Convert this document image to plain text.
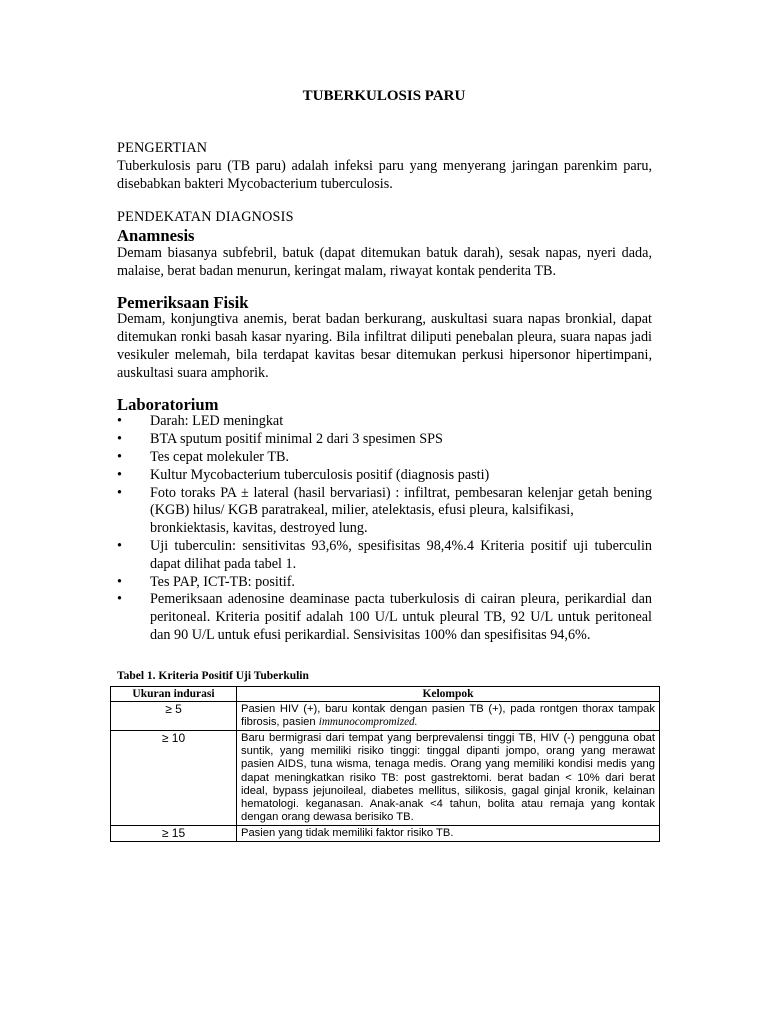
TUBERKULOSIS PARU
PENGERTIAN

Tuberkulosis paru (TB paru) adalah infeksi paru yang menyerang jaringan parenkim paru, disebabkan bakteri Mycobacterium tuberculosis.

PENDEKATAN DIAGNOSIS
Anamnesis

Demam biasanya subfebril, batuk (dapat ditemukan batuk darah), sesak napas, nyeri dada, malaise, berat badan menurun, keringat malam, riwayat kontak penderita TB.

Pemeriksaan Fisik

Demam, konjungtiva anemis, berat badan berkurang, auskultasi suara napas bronkial, dapat ditemukan ronki basah kasar nyaring. Bila infiltrat diliputi penebalan pleura, suara napas jadi vesikuler melemah, bila terdapat kavitas besar ditemukan perkusi hipersonor hipertimpani, auskultasi suara amphorik.

Laboratorium
• Darah: LED meningkat
• BTA sputum positif minimal 2 dari 3 spesimen SPS
• Tes cepat molekuler TB.
• Kultur Mycobacterium tuberculosis positif (diagnosis pasti)
• Foto toraks PA ± lateral (hasil bervariasi) : infiltrat, pembesaran kelenjar getah bening (KGB) hilus/ KGB paratrakeal, milier, atelektasis, efusi pleura, kalsifikasi,
bronkiektasis, kavitas, destroyed lung.
• Uji tuberculin: sensitivitas 93,6%, spesifisitas 98,4%.4 Kriteria positif uji tuberculin dapat dilihat pada tabel 1.
• Tes PAP, ICT-TB: positif.
• Pemeriksaan adenosine deaminase pacta tuberkulosis di cairan pleura, perikardial dan peritoneal. Kriteria positif adalah 100 U/L untuk pleural TB, 92 U/L untuk peritoneal dan 90 U/L untuk efusi perikardial. Sensivisitas 100% dan spesifisitas 94,6%.
Tabel 1. Kriteria Positif Uji Tuberkulin
Ukuran indurasi	Kelompok
≥ 5	Pasien HIV (+), baru kontak dengan pasien TB (+), pada rontgen thorax tampak fibrosis, pasien immunocompromized.
≥ 10	Baru bermigrasi dari tempat yang berprevalensi tinggi TB, HIV (-) pengguna obat suntik, yang memiliki risiko tinggi: tinggal dipanti jompo, orang yang merawat pasien AIDS, tuna wisma, tenaga medis. Orang yang memiliki kondisi medis yang dapat meningkatkan risiko TB: post gastrektomi. berat badan < 10% dari berat ideal, bypass jejunoileal, diabetes mellitus, silikosis, gagal ginjal kronik, kelainan hematologi. keganasan. Anak-anak <4 tahun, bolita atau remaja yang kontak dengan orang dewasa berisiko TB.
≥ 15	Pasien yang tidak memiliki faktor risiko TB.
